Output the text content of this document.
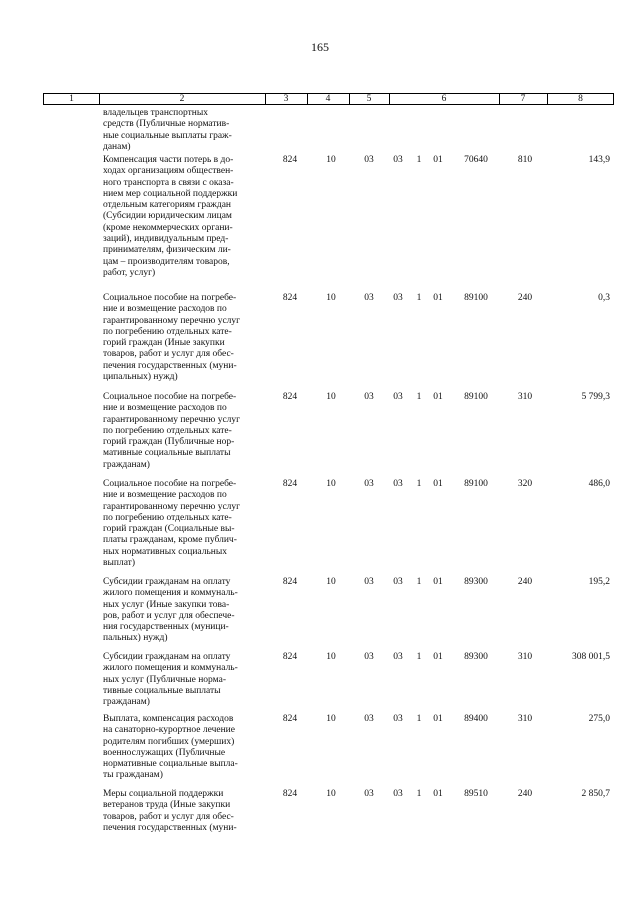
165
1	2	3	4	5	6	7	8
владельцев транспортных
средств (Публичные норматив-
ные социальные выплаты граж-
данам)
Компенсация части потерь в до-
ходах организациям обществен-
ного транспорта в связи с оказа-
нием мер социальной поддержки
отдельным категориям граждан
(Субсидии юридическим лицам
(кроме некоммерческих органи-
заций), индивидуальным пред-
принимателям, физическим ли-
цам – производителям товаров,
работ, услуг)
824	10	03	03	1	01	70640	810	143,9
Социальное пособие на погребе-
ние и возмещение расходов по
гарантированному перечню услуг
по погребению отдельных кате-
горий граждан (Иные закупки
товаров, работ и услуг для обес-
печения государственных (муни-
ципальных) нужд)
824	10	03	03	1	01	89100	240	0,3
Социальное пособие на погребе-
ние и возмещение расходов по
гарантированному перечню услуг
по погребению отдельных кате-
горий граждан (Публичные нор-
мативные социальные выплаты
гражданам)
824	10	03	03	1	01	89100	310	5 799,3
Социальное пособие на погребе-
ние и возмещение расходов по
гарантированному перечню услуг
по погребению отдельных кате-
горий граждан (Социальные вы-
платы гражданам, кроме публич-
ных нормативных социальных
выплат)
824	10	03	03	1	01	89100	320	486,0
Субсидии гражданам на оплату
жилого помещения и коммуналь-
ных услуг (Иные закупки това-
ров, работ и услуг для обеспече-
ния государственных (муници-
пальных) нужд)
824	10	03	03	1	01	89300	240	195,2
Субсидии гражданам на оплату
жилого помещения и коммуналь-
ных услуг (Публичные норма-
тивные социальные выплаты
гражданам)
824	10	03	03	1	01	89300	310	308 001,5
Выплата, компенсация расходов
на санаторно-курортное лечение
родителям погибших (умерших)
военнослужащих (Публичные
нормативные социальные выпла-
ты гражданам)
824	10	03	03	1	01	89400	310	275,0
Меры социальной поддержки
ветеранов труда (Иные закупки
товаров, работ и услуг для обес-
печения государственных (муни-
824	10	03	03	1	01	89510	240	2 850,7
